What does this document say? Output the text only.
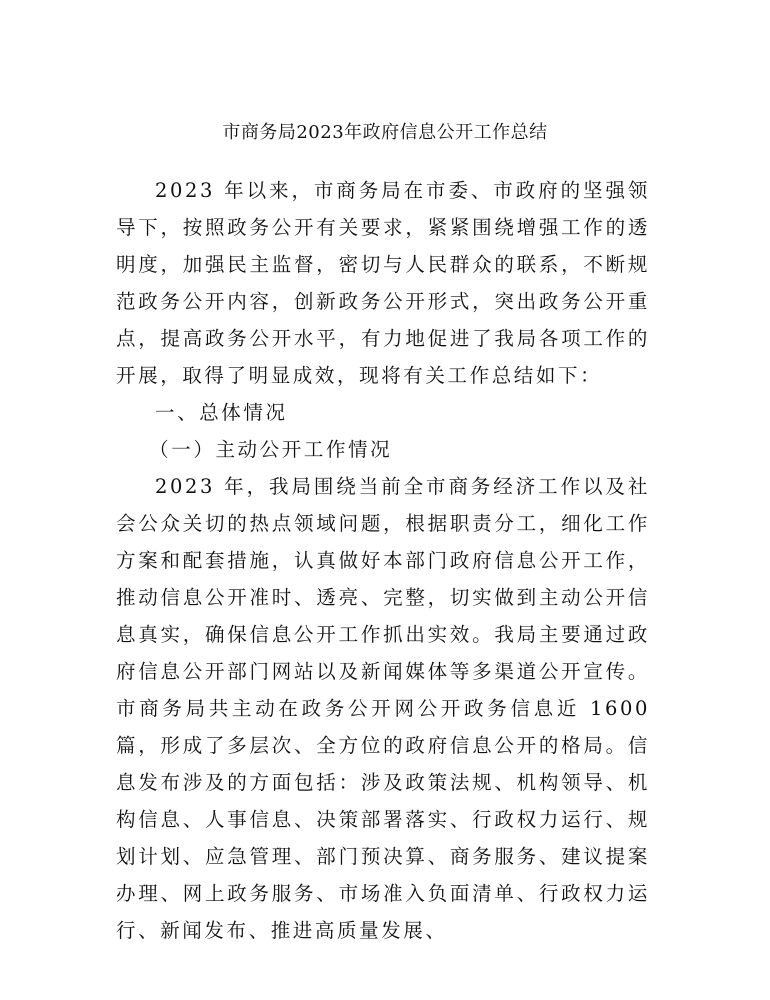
市商务局2023年政府信息公开工作总结

2023 年以来，市商务局在市委、市政府的坚强领导下，按照政务公开有关要求，紧紧围绕增强工作的透明度，加强民主监督，密切与人民群众的联系，不断规范政务公开内容，创新政务公开形式，突出政务公开重点，提高政务公开水平，有力地促进了我局各项工作的开展，取得了明显成效，现将有关工作总结如下：

一、总体情况

（一）主动公开工作情况

2023 年，我局围绕当前全市商务经济工作以及社会公众关切的热点领域问题，根据职责分工，细化工作方案和配套措施，认真做好本部门政府信息公开工作，推动信息公开准时、透亮、完整，切实做到主动公开信息真实，确保信息公开工作抓出实效。我局主要通过政府信息公开部门网站以及新闻媒体等多渠道公开宣传。市商务局共主动在政务公开网公开政务信息近 1600 篇，形成了多层次、全方位的政府信息公开的格局。信息发布涉及的方面包括：涉及政策法规、机构领导、机构信息、人事信息、决策部署落实、行政权力运行、规划计划、应急管理、部门预决算、商务服务、建议提案办理、网上政务服务、市场准入负面清单、行政权力运行、新闻发布、推进高质量发展、
